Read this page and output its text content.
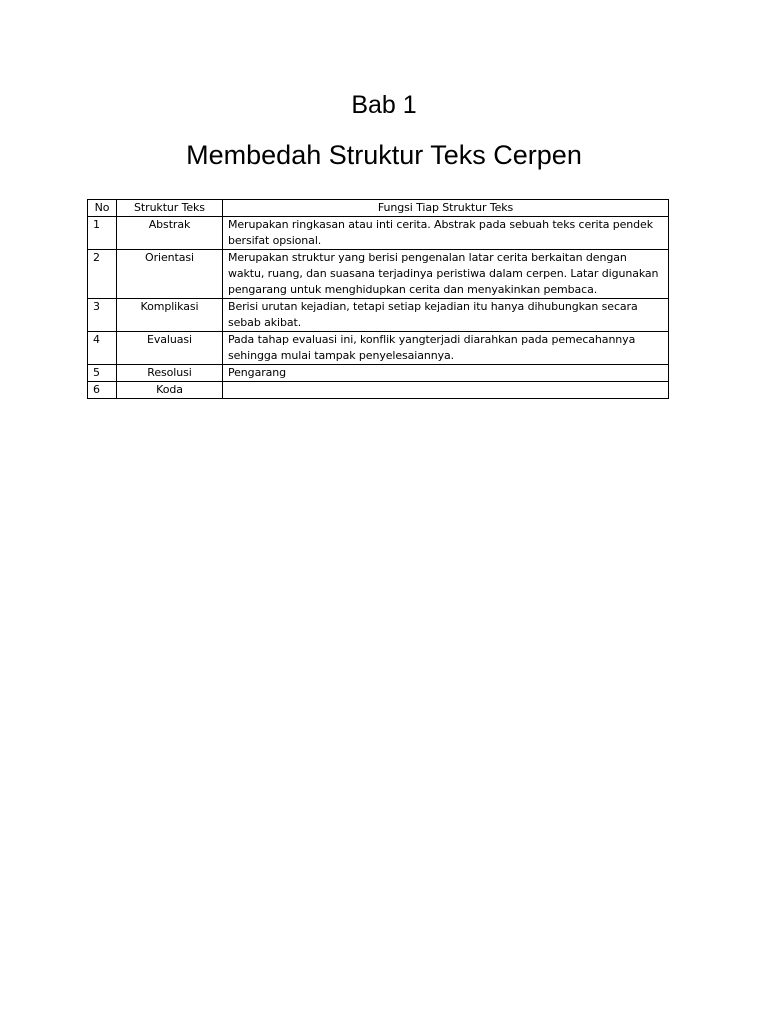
Bab 1
Membedah Struktur Teks Cerpen
No	Struktur Teks	Fungsi Tiap Struktur Teks
1	Abstrak	Merupakan ringkasan atau inti cerita. Abstrak pada sebuah teks cerita pendek bersifat opsional.
2	Orientasi	Merupakan struktur yang berisi pengenalan latar cerita berkaitan dengan waktu, ruang, dan suasana terjadinya peristiwa dalam cerpen. Latar digunakan pengarang untuk menghidupkan cerita dan menyakinkan pembaca.
3	Komplikasi	Berisi urutan kejadian, tetapi setiap kejadian itu hanya dihubungkan secara sebab akibat.
4	Evaluasi	Pada tahap evaluasi ini, konflik yangterjadi diarahkan pada pemecahannya sehingga mulai tampak penyelesaiannya.
5	Resolusi	Pengarang
6	Koda	
